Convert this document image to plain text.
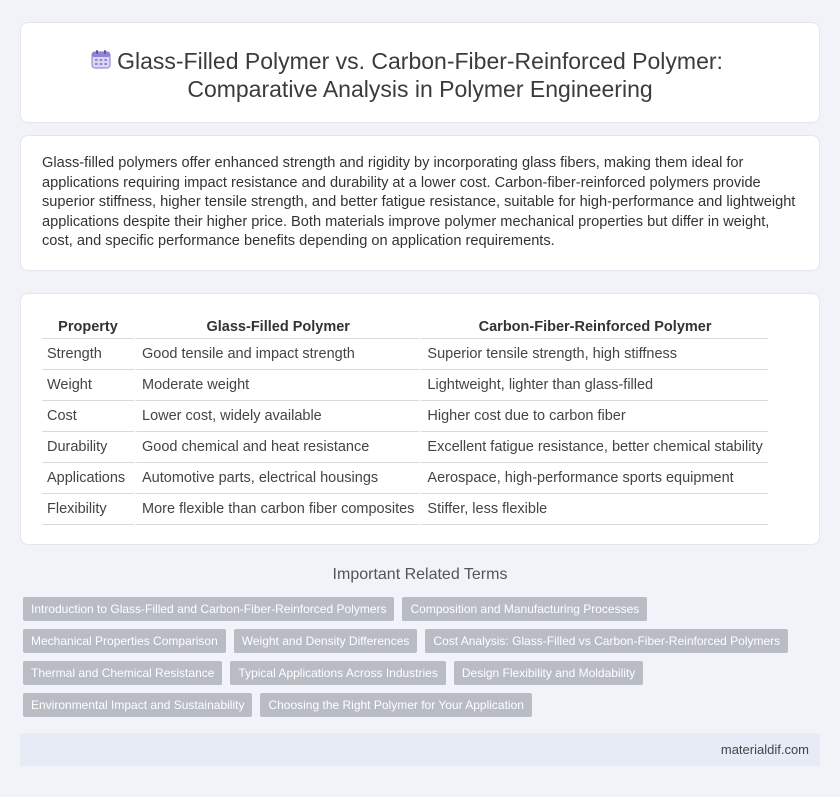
Glass-Filled Polymer vs. Carbon-Fiber-Reinforced Polymer:
Comparative Analysis in Polymer Engineering

Glass-filled polymers offer enhanced strength and rigidity by incorporating glass fibers, making them ideal for applications requiring impact resistance and durability at a lower cost. Carbon-fiber-reinforced polymers provide superior stiffness, higher tensile strength, and better fatigue resistance, suitable for high-performance and lightweight applications despite their higher price. Both materials improve polymer mechanical properties but differ in weight, cost, and specific performance benefits depending on application requirements.

Property	Glass-Filled Polymer	Carbon-Fiber-Reinforced Polymer
Strength	Good tensile and impact strength	Superior tensile strength, high stiffness
Weight	Moderate weight	Lightweight, lighter than glass-filled
Cost	Lower cost, widely available	Higher cost due to carbon fiber
Durability	Good chemical and heat resistance	Excellent fatigue resistance, better chemical stability
Applications	Automotive parts, electrical housings	Aerospace, high-performance sports equipment
Flexibility	More flexible than carbon fiber composites	Stiffer, less flexible
Important Related Terms
Introduction to Glass-Filled and Carbon-Fiber-Reinforced Polymers	Composition and Manufacturing Processes
Mechanical Properties Comparison	Weight and Density Differences	Cost Analysis: Glass-Filled vs Carbon-Fiber-Reinforced Polymers
Thermal and Chemical Resistance	Typical Applications Across Industries	Design Flexibility and Moldability
Environmental Impact and Sustainability	Choosing the Right Polymer for Your Application
materialdif.com
